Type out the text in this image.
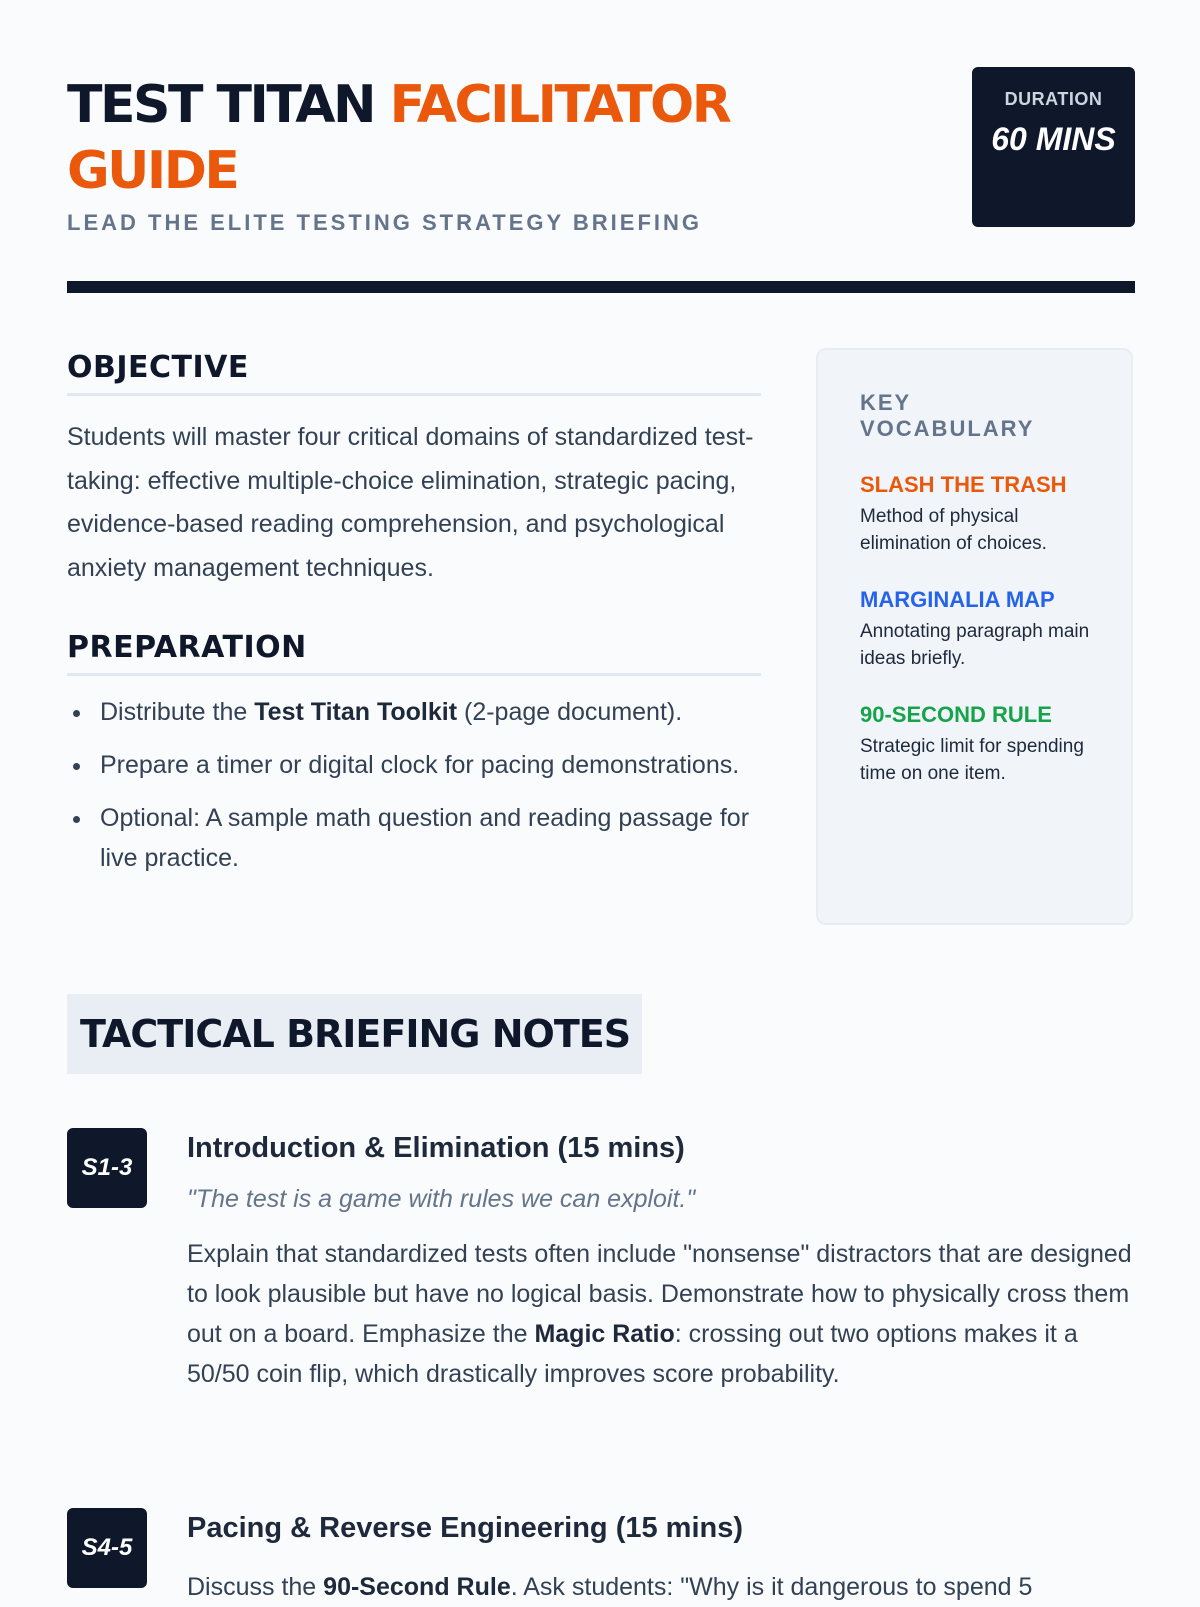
TEST TITAN FACILITATOR GUIDE
LEAD THE ELITE TESTING STRATEGY BRIEFING
DURATION
60 MINS
OBJECTIVE

Students will master four critical domains of standardized test-taking: effective multiple-choice elimination, strategic pacing, evidence-based reading comprehension, and psychological anxiety management techniques.

PREPARATION
Distribute the Test Titan Toolkit (2-page document).
Prepare a timer or digital clock for pacing demonstrations.
Optional: A sample math question and reading passage for live practice.
KEY VOCABULARY
SLASH THE TRASH
Method of physical elimination of choices.
MARGINALIA MAP
Annotating paragraph main ideas briefly.
90-SECOND RULE
Strategic limit for spending time on one item.
TACTICAL BRIEFING NOTES
S1-3
Introduction & Elimination (15 mins)

"The test is a game with rules we can exploit."

Explain that standardized tests often include "nonsense" distractors that are designed to look plausible but have no logical basis. Demonstrate how to physically cross them out on a board. Emphasize the Magic Ratio: crossing out two options makes it a 50/50 coin flip, which drastically improves score probability.

S4-5
Pacing & Reverse Engineering (15 mins)

Discuss the 90-Second Rule. Ask students: "Why is it dangerous to spend 5
